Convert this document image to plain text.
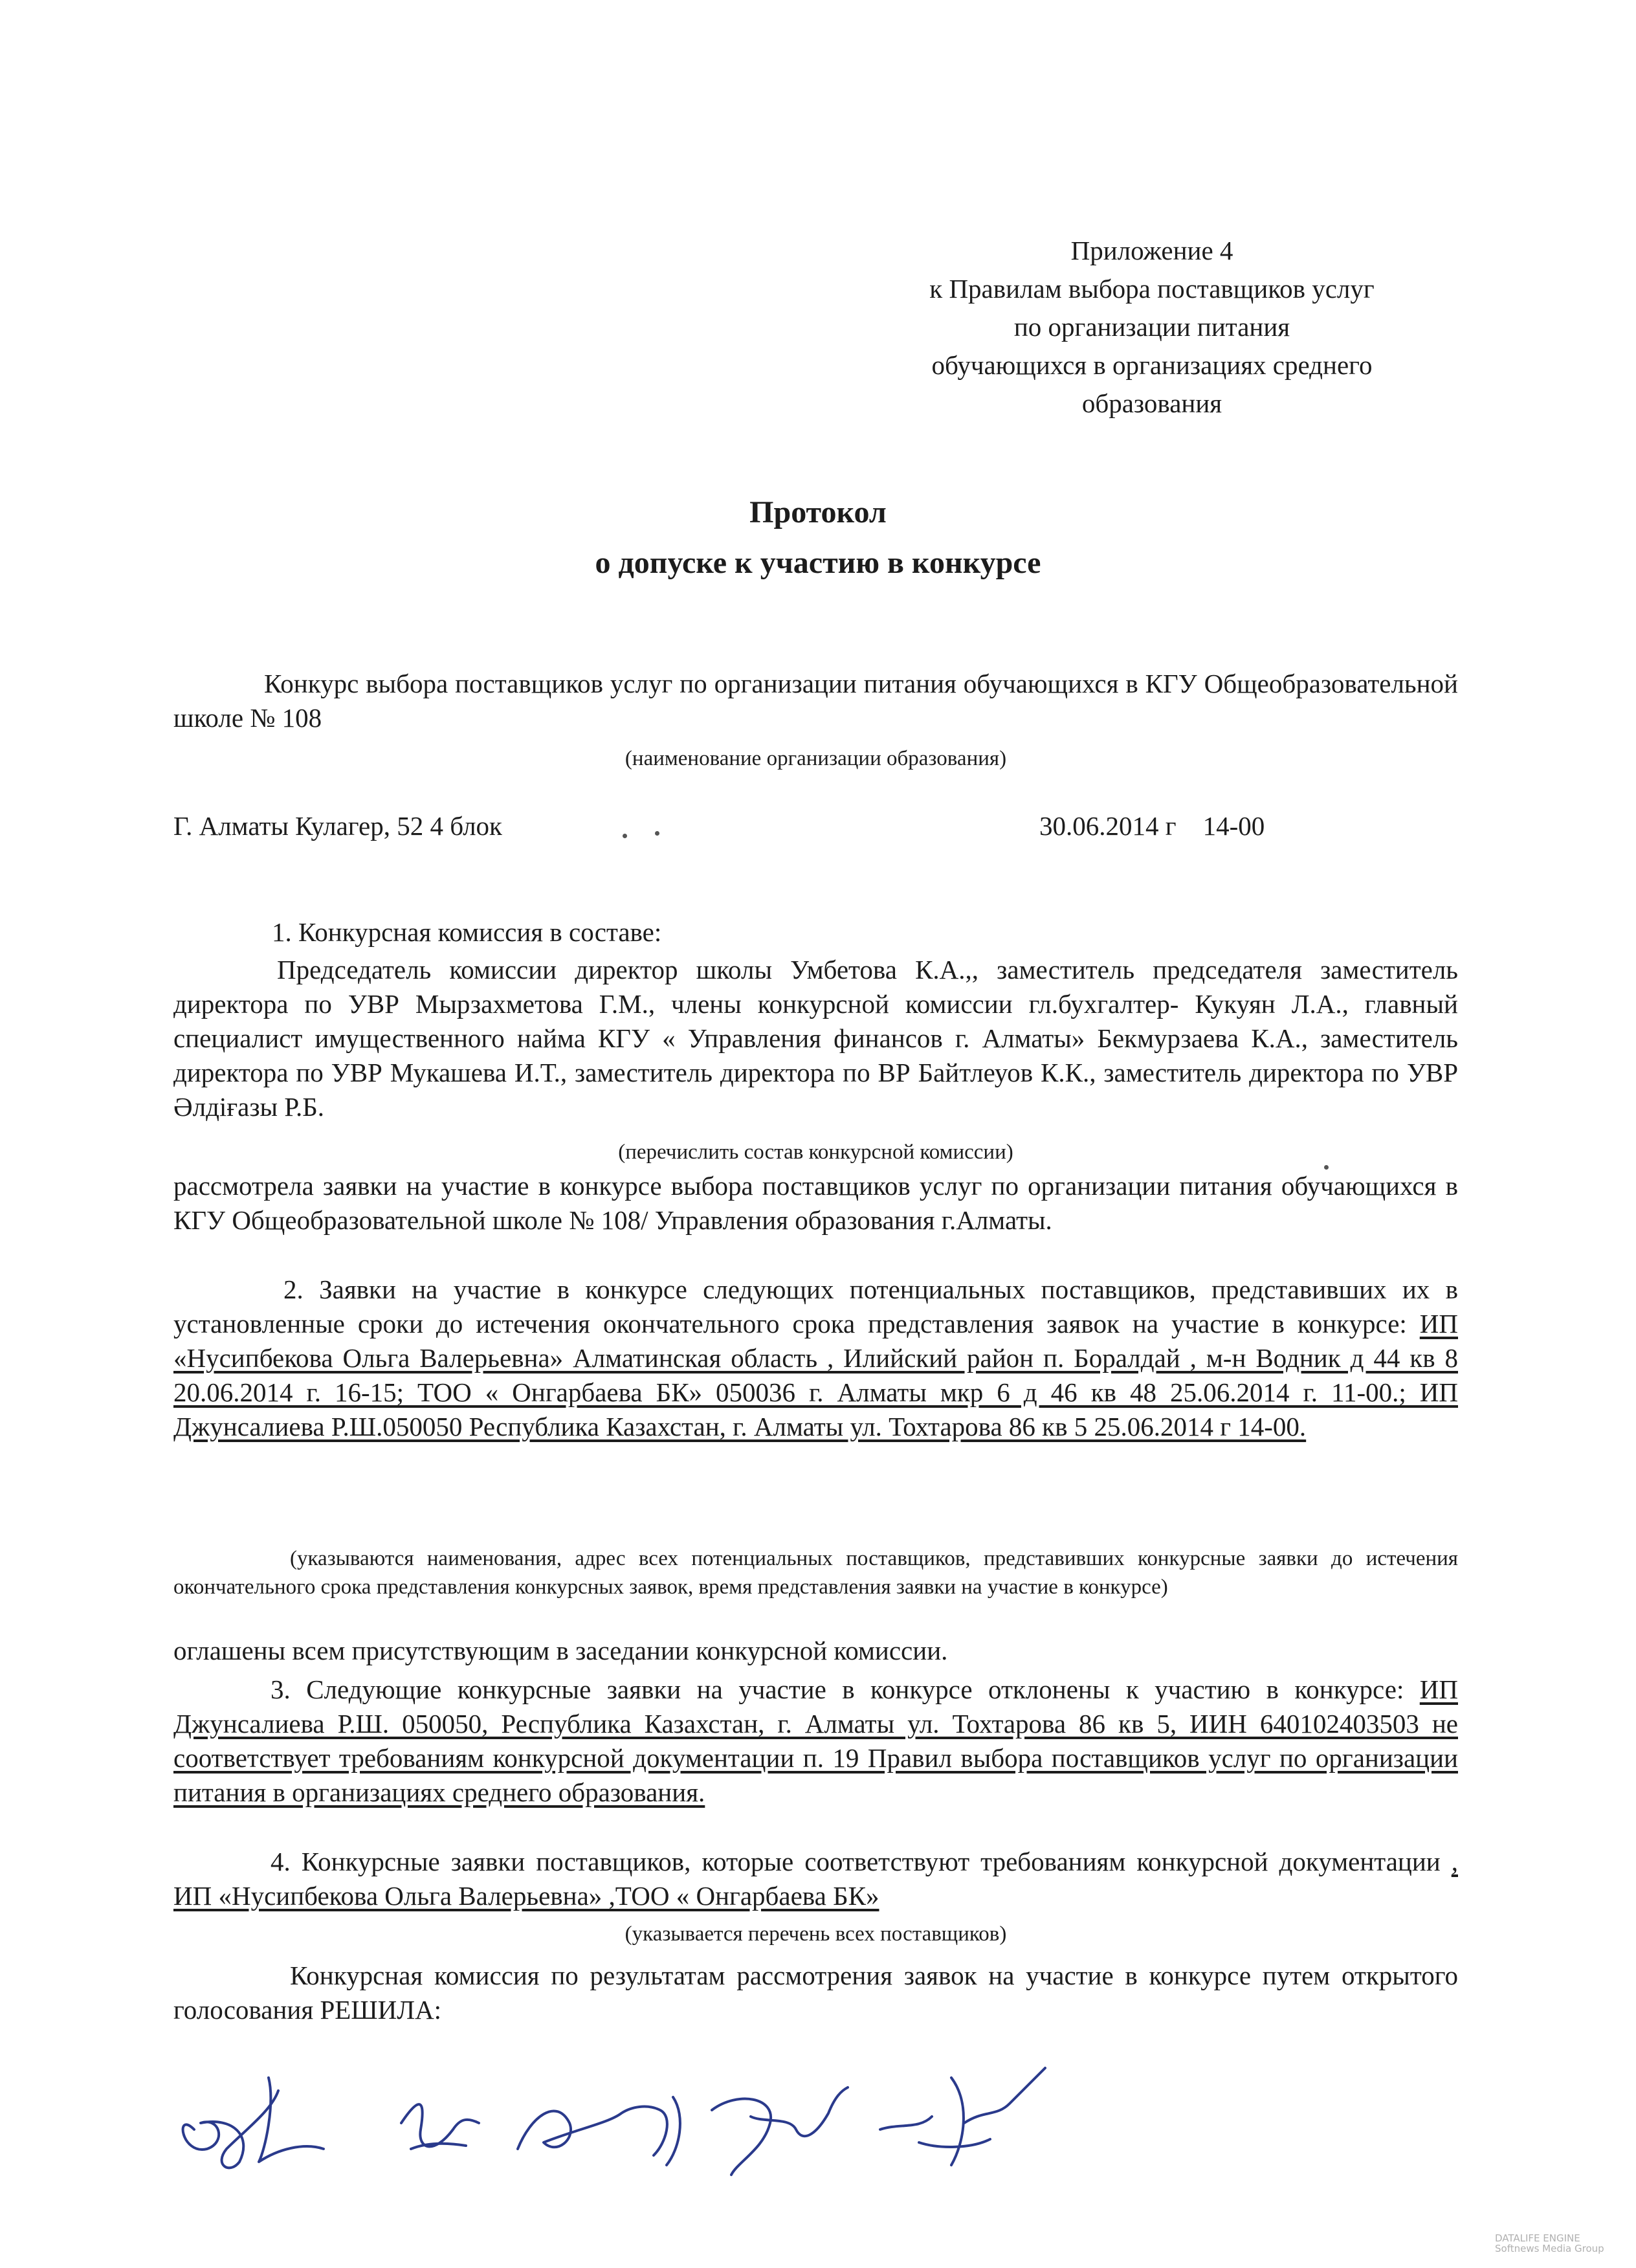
Приложение 4
к Правилам выбора поставщиков услуг
по организации питания
обучающихся в организациях среднего
образования
Протокол
о допуске к участию в конкурсе
Конкурс выбора поставщиков услуг по организации питания обучающихся в КГУ Общеобразовательной школе № 108
(наименование организации образования)
Г. Алматы Кулагер, 52 4 блок	30.06.2014 г 14-00
1. Конкурсная комиссия в составе:
Председатель комиссии директор школы Умбетова К.А.,, заместитель председателя заместитель директора по УВР Мырзахметова Г.М., члены конкурсной комиссии гл.бухгалтер- Кукуян Л.А., главный специалист имущественного найма КГУ « Управления финансов г. Алматы» Бекмурзаева К.А., заместитель директора по УВР Мукашева И.Т., заместитель директора по ВР Байтлеуов К.К., заместитель директора по УВР Әлдіғазы Р.Б.
(перечислить состав конкурсной комиссии)
рассмотрела заявки на участие в конкурсе выбора поставщиков услуг по организации питания обучающихся в КГУ Общеобразовательной школе № 108/ Управления образования г.Алматы.
2. Заявки на участие в конкурсе следующих потенциальных поставщиков, представивших их в установленные сроки до истечения окончательного срока представления заявок на участие в конкурсе: ИП «Нусипбекова Ольга Валерьевна» Алматинская область , Илийский район п. Боралдай , м-н Водник д 44 кв 8 20.06.2014 г. 16-15; ТОО « Онгарбаева БК» 050036 г. Алматы мкр 6 д 46 кв 48 25.06.2014 г. 11-00.; ИП Джунсалиева Р.Ш.050050 Республика Казахстан, г. Алматы ул. Тохтарова 86 кв 5 25.06.2014 г 14-00.
(указываются наименования, адрес всех потенциальных поставщиков, представивших конкурсные заявки до истечения окончательного срока представления конкурсных заявок, время представления заявки на участие в конкурсе)
оглашены всем присутствующим в заседании конкурсной комиссии.
3. Следующие конкурсные заявки на участие в конкурсе отклонены к участию в конкурсе: ИП Джунсалиева Р.Ш. 050050, Республика Казахстан, г. Алматы ул. Тохтарова 86 кв 5, ИИН 640102403503 не соответствует требованиям конкурсной документации п. 19 Правил выбора поставщиков услуг по организации питания в организациях среднего образования.
4. Конкурсные заявки поставщиков, которые соответствуют требованиям конкурсной документации , ИП «Нусипбекова Ольга Валерьевна» ,ТОО « Онгарбаева БК»
(указывается перечень всех поставщиков)
Конкурсная комиссия по результатам рассмотрения заявок на участие в конкурсе путем открытого голосования РЕШИЛА:
DATALIFE ENGINE
Softnews Media Group
